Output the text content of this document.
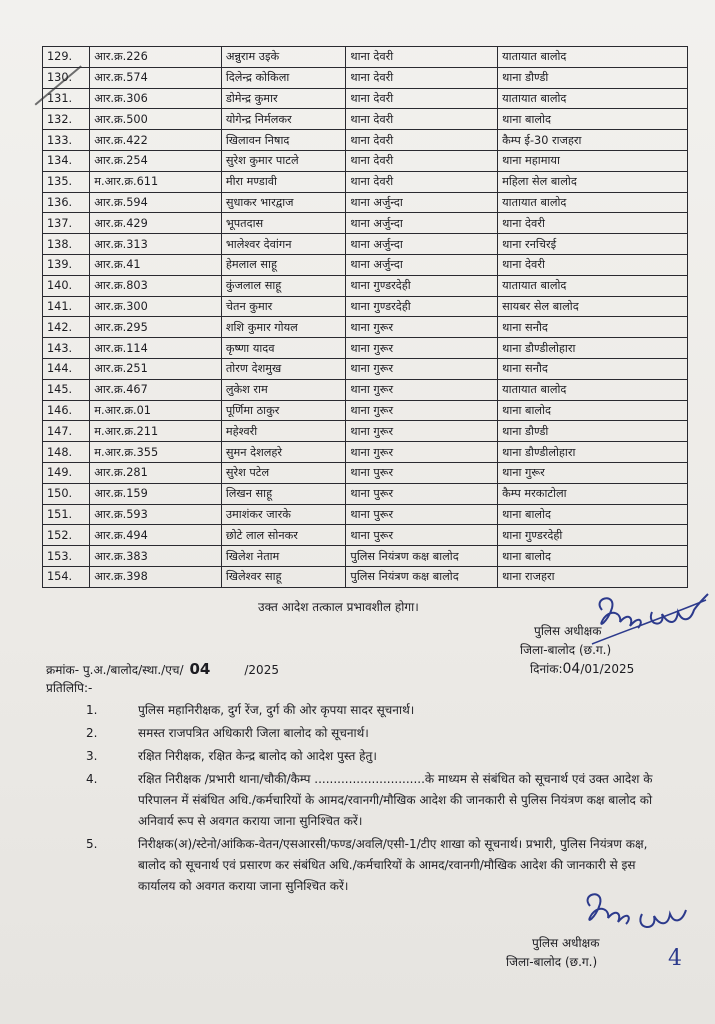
129.	आर.क्र.226	अन्नुराम उइके	थाना देवरी	यातायात बालोद
130.	आर.क्र.574	दिलेन्द्र कोकिला	थाना देवरी	थाना डौण्डी
131.	आर.क्र.306	डोमेन्द्र कुमार	थाना देवरी	यातायात बालोद
132.	आर.क्र.500	योगेन्द्र निर्मलकर	थाना देवरी	थाना बालोद
133.	आर.क्र.422	खिलावन निषाद	थाना देवरी	कैम्प ई-30 राजहरा
134.	आर.क्र.254	सुरेश कुमार पाटले	थाना देवरी	थाना महामाया
135.	म.आर.क्र.611	मीरा मण्डावी	थाना देवरी	महिला सेल बालोद
136.	आर.क्र.594	सुधाकर भारद्वाज	थाना अर्जुन्दा	यातायात बालोद
137.	आर.क्र.429	भूपतदास	थाना अर्जुन्दा	थाना देवरी
138.	आर.क्र.313	भालेश्वर देवांगन	थाना अर्जुन्दा	थाना रनचिरई
139.	आर.क्र.41	हेमलाल साहू	थाना अर्जुन्दा	थाना देवरी
140.	आर.क्र.803	कुंजलाल साहू	थाना गुण्डरदेही	यातायात बालोद
141.	आर.क्र.300	चेतन कुमार	थाना गुण्डरदेही	सायबर सेल बालोद
142.	आर.क्र.295	शशि कुमार गोयल	थाना गुरूर	थाना सनौद
143.	आर.क्र.114	कृष्णा यादव	थाना गुरूर	थाना डौण्डीलोहारा
144.	आर.क्र.251	तोरण देशमुख	थाना गुरूर	थाना सनौद
145.	आर.क्र.467	लुकेश राम	थाना गुरूर	यातायात बालोद
146.	म.आर.क्र.01	पूर्णिमा ठाकुर	थाना गुरूर	थाना बालोद
147.	म.आर.क्र.211	महेश्वरी	थाना गुरूर	थाना डौण्डी
148.	म.आर.क्र.355	सुमन देशलहरे	थाना गुरूर	थाना डौण्डीलोहारा
149.	आर.क्र.281	सुरेश पटेल	थाना पुरूर	थाना गुरूर
150.	आर.क्र.159	लिखन साहू	थाना पुरूर	कैम्प मरकाटोला
151.	आर.क्र.593	उमाशंकर जारके	थाना पुरूर	थाना बालोद
152.	आर.क्र.494	छोटे लाल सोनकर	थाना पुरूर	थाना गुण्डरदेही
153.	आर.क्र.383	खिलेश नेताम	पुलिस नियंत्रण कक्ष बालोद	थाना बालोद
154.	आर.क्र.398	खिलेश्वर साहू	पुलिस नियंत्रण कक्ष बालोद	थाना राजहरा
उक्त आदेश तत्काल प्रभावशील होगा।
पुलिस अधीक्षक
जिला-बालोद (छ.ग.)
दिनांक:04/01/2025
क्रमांक- पु.अ./बालोद/स्था./एच/ 04	/2025
प्रतिलिपि:-
1.	पुलिस महानिरीक्षक, दुर्ग रेंज, दुर्ग की ओर कृपया सादर सूचनार्थ।
2.	समस्त राजपत्रित अधिकारी जिला बालोद को सूचनार्थ।
3.	रक्षित निरीक्षक, रक्षित केन्द्र बालोद को आदेश पुस्त हेतु।
4.	रक्षित निरीक्षक /प्रभारी थाना/चौकी/कैम्प .............................के माध्यम से संबंधित को सूचनार्थ एवं उक्त आदेश के परिपालन में संबंधित अधि./कर्मचारियों के आमद/रवानगी/मौखिक आदेश की जानकारी से पुलिस नियंत्रण कक्ष बालोद को अनिवार्य रूप से अवगत कराया जाना सुनिश्चित करें।
5.	निरीक्षक(अ)/स्टेनो/आंकिक-वेतन/एसआरसी/फण्ड/अवलि/एसी-1/टीए शाखा को सूचनार्थ। प्रभारी, पुलिस नियंत्रण कक्ष, बालोद को सूचनार्थ एवं प्रसारण कर संबंधित अधि./कर्मचारियों के आमद/रवानगी/मौखिक आदेश की जानकारी से इस कार्यालय को अवगत कराया जाना सुनिश्चित करें।
पुलिस अधीक्षक
जिला-बालोद (छ.ग.)	4
